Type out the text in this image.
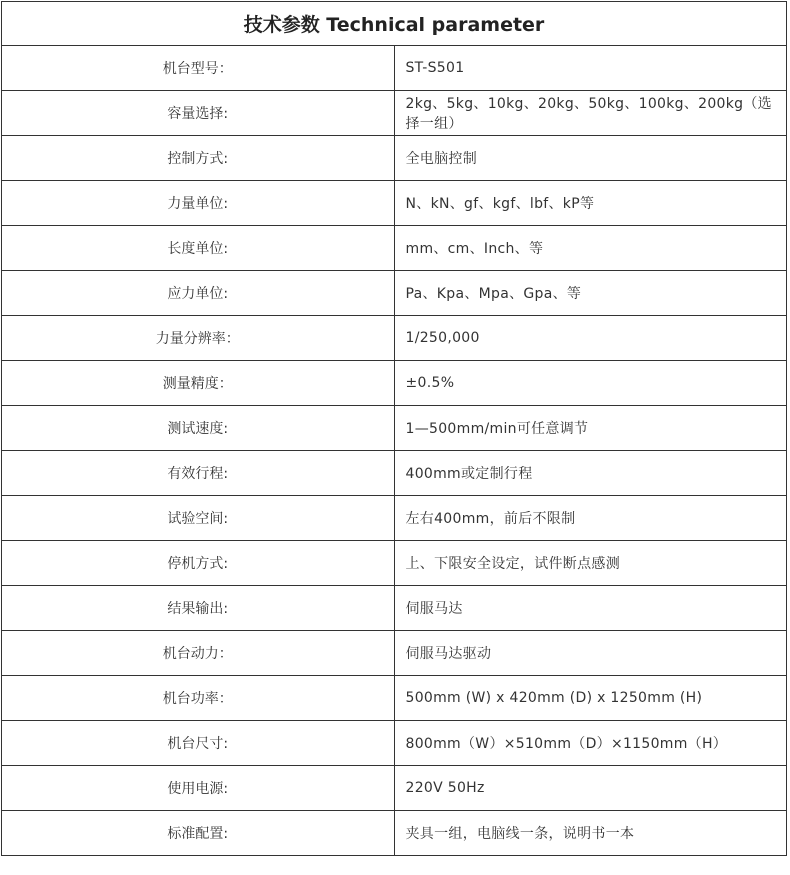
技术参数 Technical parameter	
机台型号：	ST-S501
容量选择:	2kg、5kg、10kg、20kg、50kg、100kg、200kg（选择一组）
控制方式:	全电脑控制
力量单位:	N、kN、gf、kgf、lbf、kP等
长度单位:	mm、cm、Inch、等
应力单位:	Pa、Kpa、Mpa、Gpa、等
力量分辨率：	1/250,000
测量精度：	±0.5%
测试速度:	1—500mm/min可任意调节
有效行程:	400mm或定制行程
试验空间:	左右400mm，前后不限制
停机方式:	上、下限安全设定，试件断点感测
结果输出:	伺服马达
机台动力：	伺服马达驱动
机台功率：	500mm (W) x 420mm (D) x 1250mm (H)
机台尺寸:	800mm（W）×510mm（D）×1150mm（H）
使用电源:	220V 50Hz
标准配置:	夹具一组，电脑线一条，说明书一本
